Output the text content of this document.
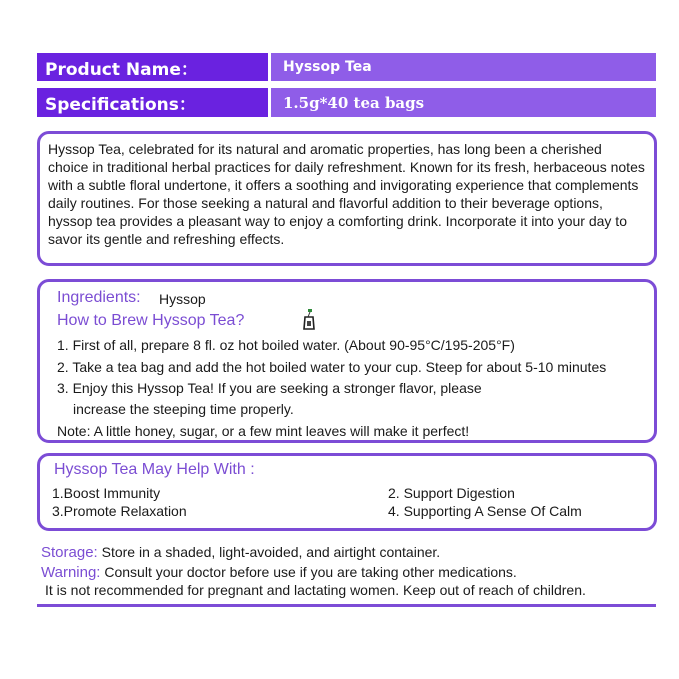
Product Name：	Hyssop Tea
Specifications：	1.5g*40 tea bags

Hyssop Tea, celebrated for its natural and aromatic properties, has long been a cherished choice in traditional herbal practices for daily refreshment. Known for its fresh, herbaceous notes with a subtle floral undertone, it offers a soothing and invigorating experience that complements daily routines. For those seeking a natural and flavorful addition to their beverage options, hyssop tea provides a pleasant way to enjoy a comforting drink. Incorporate it into your day to savor its gentle and refreshing effects.

Ingredients: Hyssop
How to Brew Hyssop Tea?
1. First of all, prepare 8 fl. oz hot boiled water. (About 90-95°C/195-205°F)
2. Take a tea bag and add the hot boiled water to your cup. Steep for about 5-10 minutes
3. Enjoy this Hyssop Tea! If you are seeking a stronger flavor, please
increase the steeping time properly.
Note: A little honey, sugar, or a few mint leaves will make it perfect!
Hyssop Tea May Help With :
1.Boost Immunity	2. Support Digestion
3.Promote Relaxation	4. Supporting A Sense Of Calm
Storage: Store in a shaded, light-avoided, and airtight container.
Warning: Consult your doctor before use if you are taking other medications.
It is not recommended for pregnant and lactating women. Keep out of reach of children.
